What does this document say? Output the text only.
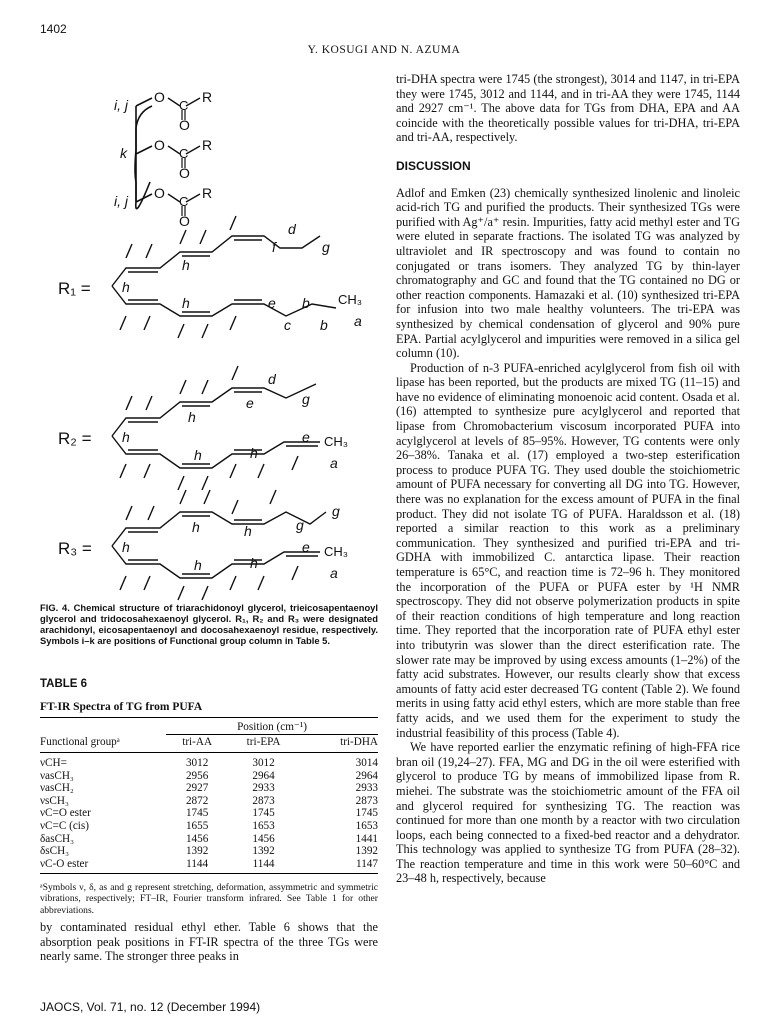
1402
Y. KOSUGI AND N. AZUMA
i, j
k
i, j
O
O
O
C
C
C
O
O
O
R
R
R
R₁ = h
h
f
d
g
h	e b CH₃
c b a
R₂ = h
h
e
d
g
h	h
e CH₃
a
R₃ = h
h	h	g
g
h	h
e CH₃
a
FIG. 4. Chemical structure of triarachidonoyl glycerol, trieicosapentaenoyl glycerol and tridocosahexaenoyl glycerol. R₁, R₂ and R₃ were designated arachidonyl, eicosapentaenoyl and docosahexaenoyl residue, respectively. Symbols i–k are positions of Functional group column in Table 5.
TABLE 6
FT-IR Spectra of TG from PUFA
	Position (cm⁻¹)		
Functional groupᵃ	tri-AA	tri-EPA	tri-DHA
νCH=	3012	3012	3014
νasCH₃	2956	2964	2964
νasCH₂	2927	2933	2933
νsCH₃	2872	2873	2873
νC=O ester	1745	1745	1745
νC=C (cis)	1655	1653	1653
δasCH₃	1456	1456	1441
δsCH₃	1392	1392	1392
νC-O ester	1144	1144	1147
ᵃSymbols ν, δ, as and g represent stretching, deformation, assymmetric and symmetric vibrations, respectively; FT–IR, Fourier transform infrared. See Table 1 for other abbreviations.

by contaminated residual ethyl ether. Table 6 shows that the absorption peak positions in FT-IR spectra of the three TGs were nearly same. The stronger three peaks in

tri-DHA spectra were 1745 (the strongest), 3014 and 1147, in tri-EPA they were 1745, 3012 and 1144, and in tri-AA they were 1745, 1144 and 2927 cm⁻¹. The above data for TGs from DHA, EPA and AA coincide with the theoretically possible values for tri-DHA, tri-EPA and tri-AA, respectively.

DISCUSSION

Adlof and Emken (23) chemically synthesized linolenic and linoleic acid-rich TG and purified the products. Their synthesized TGs were purified with Ag⁺/a⁺ resin. Impurities, fatty acid methyl ester and TG were eluted in separate fractions. The isolated TG was analyzed by ultraviolet and IR spectroscopy and was found to contain no conjugated or trans isomers. They analyzed TG by thin-layer chromatography and GC and found that the TG contained no DG or other reaction components. Hamazaki et al. (10) synthesized tri-EPA for infusion into two male healthy volunteers. The tri-EPA was synthesized by chemical condensation of glycerol and 90% pure EPA. Partial acylglycerol and impurities were removed in a silica gel column (10).

Production of n-3 PUFA-enriched acylglycerol from fish oil with lipase has been reported, but the products are mixed TG (11–15) and have no evidence of eliminating monoenoic acid content. Osada et al. (16) attempted to synthesize pure acylglycerol and reported that lipase from Chromobacterium viscosum incorporated PUFA into acylglycerol at levels of 85–95%. However, TG contents were only 26–38%. Tanaka et al. (17) employed a two-step esterification process to produce PUFA TG. They used double the stoichiometric amount of PUFA necessary for converting all DG into TG. However, there was no explanation for the excess amount of PUFA in the final product. They did not isolate TG of PUFA. Haraldsson et al. (18) reported a similar reaction to this work as a preliminary communication. They synthesized and purified tri-EPA and tri-GDHA with immobilized C. antarctica lipase. Their reaction temperature is 65°C, and reaction time is 72–96 h. They monitored the incorporation of the PUFA or PUFA ester by ¹H NMR spectroscopy. They did not observe polymerization products in spite of their reaction conditions of high temperature and long reaction time. They reported that the incorporation rate of PUFA ethyl ester into tributyrin was slower than the direct esterification rate. The slower rate may be improved by using excess amounts (1–2%) of the fatty acid substrates. However, our results clearly show that excess amounts of fatty acid ester decreased TG content (Table 2). We found merits in using fatty acid ethyl esters, which are more stable than free fatty acids, and we used them for the experiment to study the industrial feasibility of this process (Table 4).

We have reported earlier the enzymatic refining of high-FFA rice bran oil (19,24–27). FFA, MG and DG in the oil were esterified with glycerol to produce TG by means of immobilized lipase from R. miehei. The substrate was the stoichiometric amount of the FFA oil and glycerol required for synthesizing TG. The reaction was continued for more than one month by a reactor with two circulation loops, each being connected to a fixed-bed reactor and a dehydrator. This technology was applied to synthesize TG from PUFA (28–32). The reaction temperature and time in this work were 50–60°C and 23–48 h, respectively, because

JAOCS, Vol. 71, no. 12 (December 1994)
